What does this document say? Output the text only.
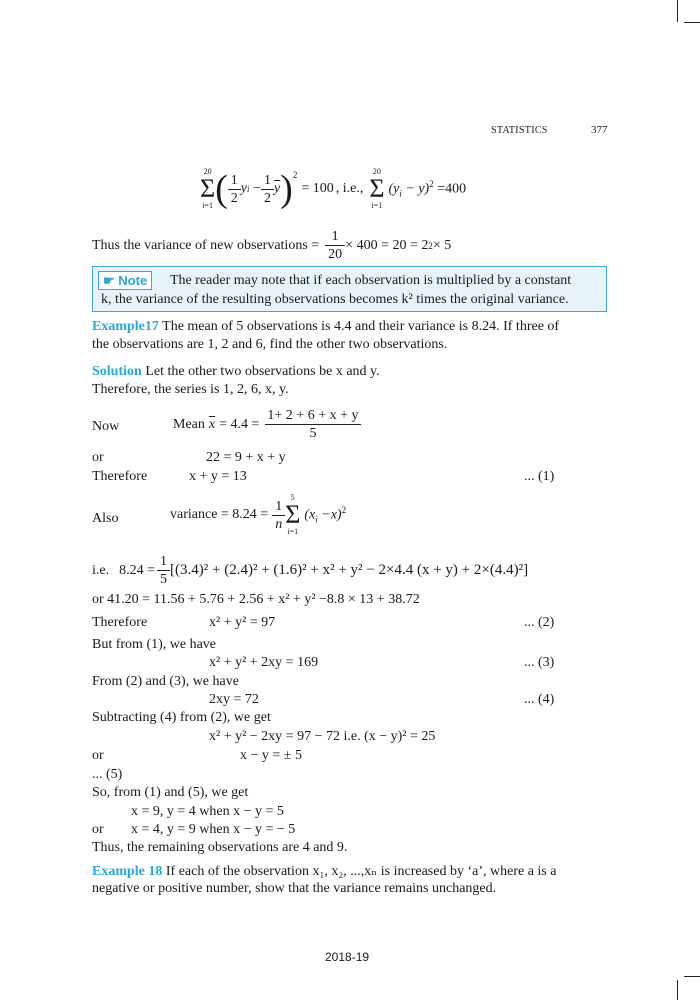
STATISTICS	377
20
Σ
i=1 ( $\frac{1}{2}$ y $i - \frac{1}{2} \overline{y}$ )$^2$
= 100 , i.e.,
20
Σ
i=1
$(y_i - y)^2 =400$
Thus the variance of new observations = $\frac{1}{20} \times 400 = 20 = 2$ 2 × 5
☛ Note	The reader may note that if each observation is multiplied by a constant
k, the variance of the resulting observations becomes k² times the original variance.
Example17 The mean of 5 observations is 4.4 and their variance is 8.24. If three of
the observations are 1, 2 and 6, find the other two observations.
Solution Let the other two observations be x and y.
Therefore, the series is 1, 2, 6, x, y.
Now	Mean $\overline{x} = 4.4 = \frac{1+ 2 + 6 + x + y}{5}$
or	22 = 9 + x + y
Therefore	x + y = 13	... (1)
Also	variance = $8.24 = \frac{1}{n} 5$
Σ
i=1
$(x_i -x)^2$
i.e. $8.24 = \frac{1}{5} [(3.4)^2 + (2.4)^2 + (1.6)^2 + x^2 + y^2 - 2\times 4.4$ (x + y) + 2×(4.4)²]
or 41.20 = 11.56 + 5.76 + 2.56 + x² + y² −8.8 × 13 + 38.72
Therefore	x² + y² = 97	... (2)
But from (1), we have
x² + y² + 2xy = 169	... (3)
From (2) and (3), we have
2xy = 72	... (4)
Subtracting (4) from (2), we get
x² + y² − 2xy = 97 − 72 i.e. (x − y)² = 25
or	x − y = ± 5
... (5)
So, from (1) and (5), we get
x = 9, y = 4 when x − y = 5
or x = 4, y = 9 when x − y = − 5
Thus, the remaining observations are 4 and 9.
Example 18 If each of the observation x₁, x₂, ...,xₙ is increased by ‘a’, where a is a
negative or positive number, show that the variance remains unchanged.
2018-19
